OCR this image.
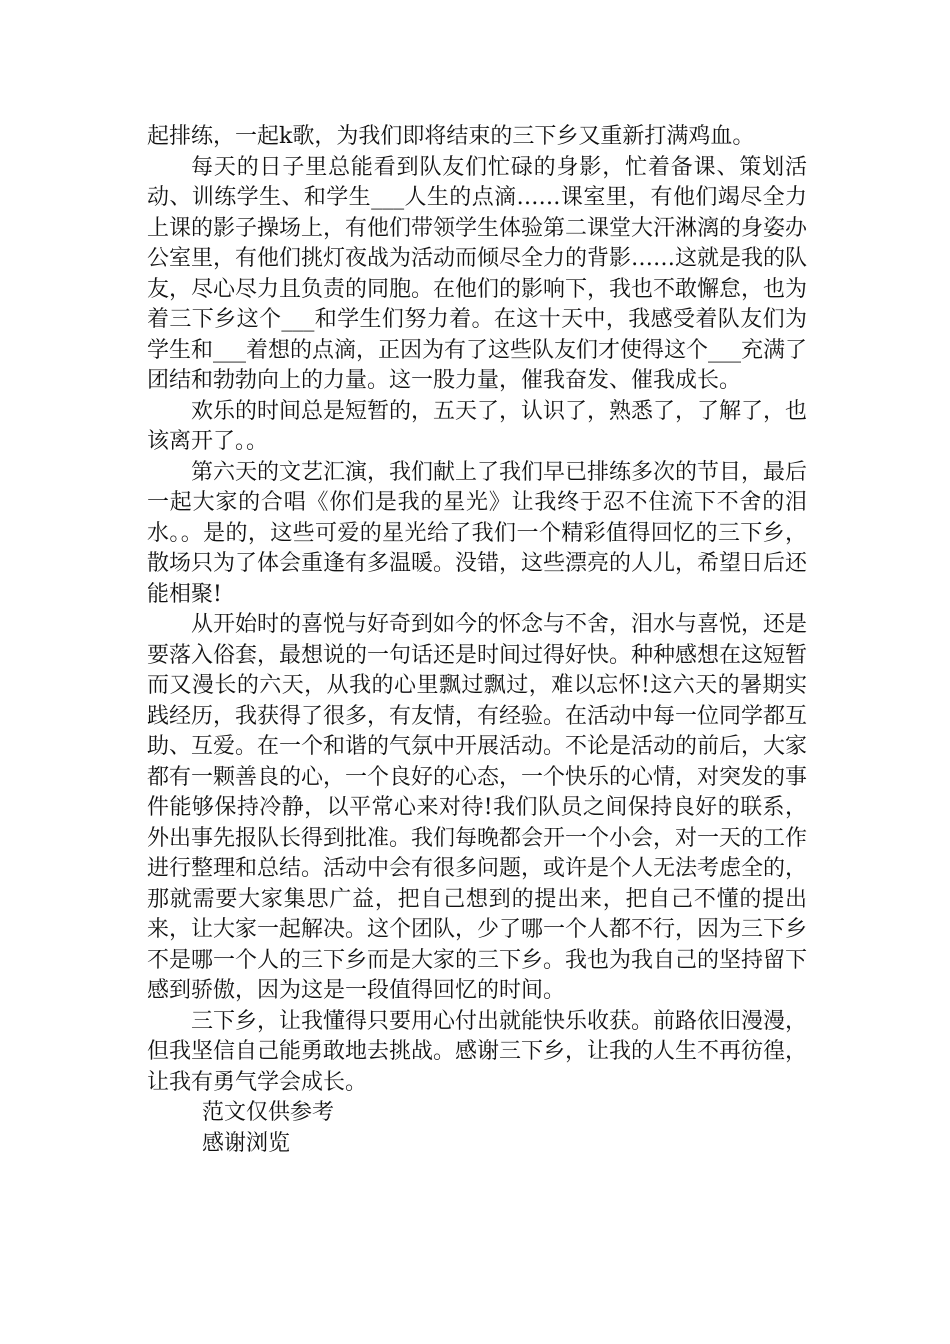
起排练，一起k歌，为我们即将结束的三下乡又重新打满鸡血。

每天的日子里总能看到队友们忙碌的身影，忙着备课、策划活动、训练学生、和学生___人生的点滴……课室里，有他们竭尽全力上课的影子操场上，有他们带领学生体验第二课堂大汗淋漓的身姿办公室里，有他们挑灯夜战为活动而倾尽全力的背影……这就是我的队友，尽心尽力且负责的同胞。在他们的影响下，我也不敢懈怠，也为着三下乡这个___和学生们努力着。在这十天中，我感受着队友们为学生和___着想的点滴，正因为有了这些队友们才使得这个___充满了团结和勃勃向上的力量。这一股力量，催我奋发、催我成长。

欢乐的时间总是短暂的，五天了，认识了，熟悉了，了解了，也该离开了。。

第六天的文艺汇演，我们献上了我们早已排练多次的节目，最后一起大家的合唱《你们是我的星光》让我终于忍不住流下不舍的泪水。。是的，这些可爱的星光给了我们一个精彩值得回忆的三下乡，散场只为了体会重逢有多温暖。没错，这些漂亮的人儿，希望日后还能相聚!

从开始时的喜悦与好奇到如今的怀念与不舍，泪水与喜悦，还是要落入俗套，最想说的一句话还是时间过得好快。种种感想在这短暂而又漫长的六天，从我的心里飘过飘过，难以忘怀!这六天的暑期实践经历，我获得了很多，有友情，有经验。在活动中每一位同学都互助、互爱。在一个和谐的气氛中开展活动。不论是活动的前后，大家都有一颗善良的心，一个良好的心态，一个快乐的心情，对突发的事件能够保持冷静，以平常心来对待!我们队员之间保持良好的联系，外出事先报队长得到批准。我们每晚都会开一个小会，对一天的工作进行整理和总结。活动中会有很多问题，或许是个人无法考虑全的，那就需要大家集思广益，把自己想到的提出来，把自己不懂的提出来，让大家一起解决。这个团队，少了哪一个人都不行，因为三下乡不是哪一个人的三下乡而是大家的三下乡。我也为我自己的坚持留下感到骄傲，因为这是一段值得回忆的时间。

三下乡，让我懂得只要用心付出就能快乐收获。前路依旧漫漫，但我坚信自己能勇敢地去挑战。感谢三下乡，让我的人生不再彷徨，让我有勇气学会成长。

范文仅供参考

感谢浏览
